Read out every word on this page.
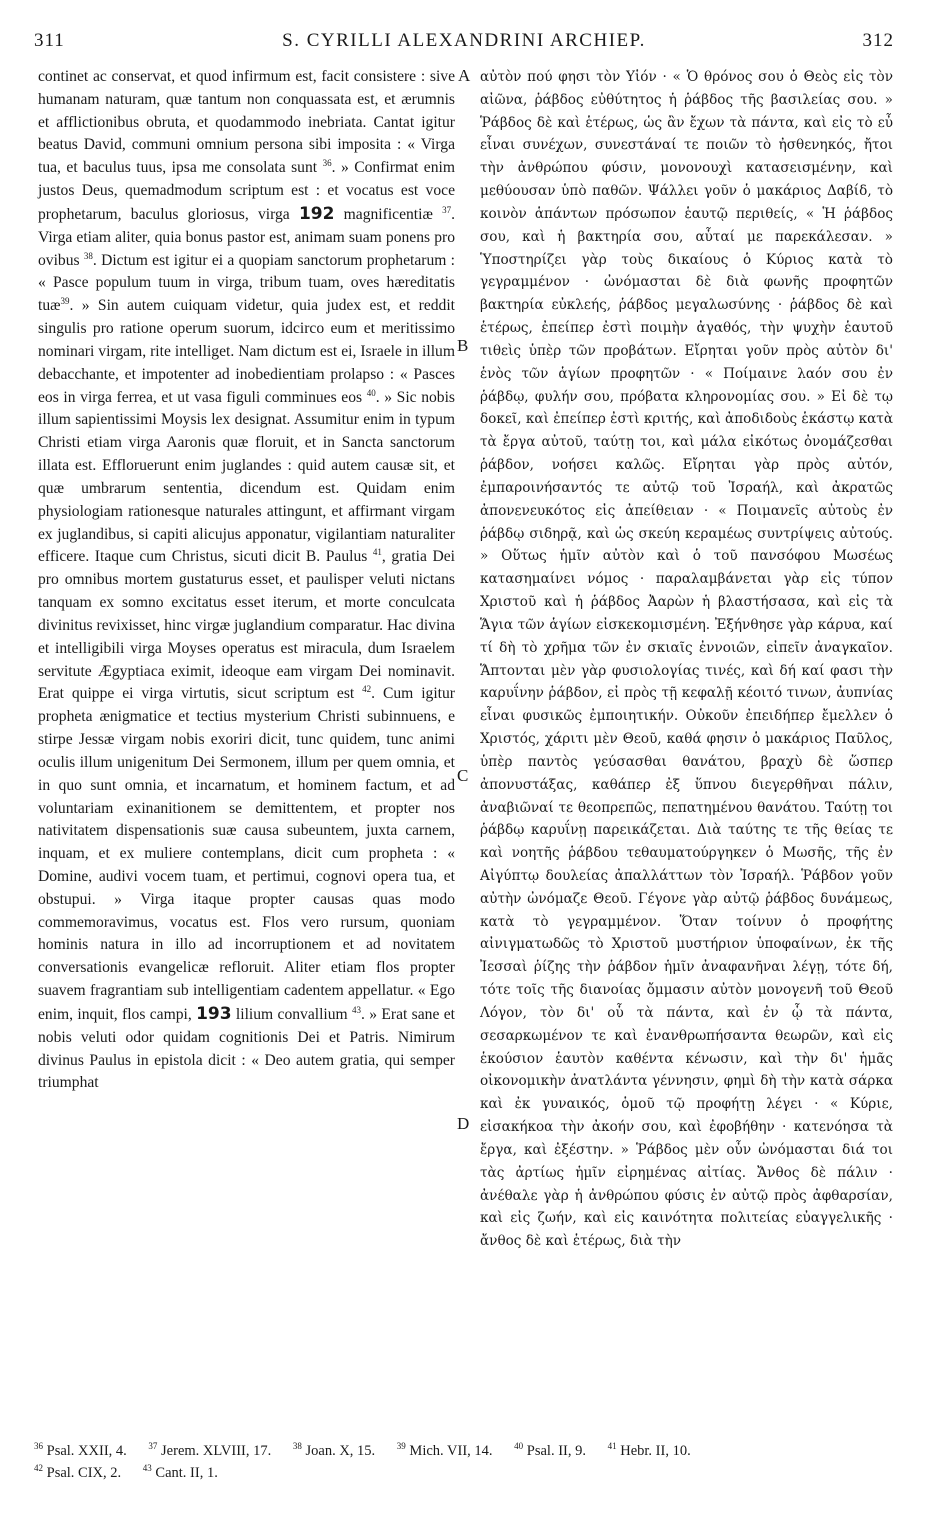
311	S. CYRILLI ALEXANDRINI ARCHIEP.	312

continet ac conservat, et quod infirmum est, facit consistere : sive humanam naturam, quæ tantum non conquassata est, et ærumnis et afflictionibus obruta, et quodammodo inebriata. Cantat igitur beatus David, communi omnium persona sibi imposita : « Virga tua, et baculus tuus, ipsa me consolata sunt $^{36}$. » Confirmat enim justos Deus, quemadmodum scriptum est : et vocatus est voce prophetarum, baculus gloriosus, virga 192 magnificentiæ $^{37}$. Virga etiam aliter, quia bonus pastor est, animam suam ponens pro ovibus $^{38}$. Dictum est igitur ei a quopiam sanctorum prophetarum : « Pasce populum tuum in virga, tribum tuam, oves hæreditatis tuæ$^{39}$. » Sin autem cuiquam videtur, quia judex est, et reddit singulis pro ratione operum suorum, idcirco eum et meritissimo nominari virgam, rite intelliget. Nam dictum est ei, Israele in illum debacchante, et impotenter ad inobedientiam prolapso : « Pasces eos in virga ferrea, et ut vasa figuli comminues eos $^{40}$. » Sic nobis illum sapientissimi Moysis lex designat. Assumitur enim in typum Christi etiam virga Aaronis quæ floruit, et in Sancta sanctorum illata est. Effloruerunt enim juglandes : quid autem causæ sit, et quæ umbrarum sententia, dicendum est. Quidam enim physiologiam rationesque naturales attingunt, et affirmant virgam ex juglandibus, si capiti alicujus apponatur, vigilantiam naturaliter efficere. Itaque cum Christus, sicuti dicit B. Paulus $^{41}$, gratia Dei pro omnibus mortem gustaturus esset, et paulisper veluti nictans tanquam ex somno excitatus esset iterum, et morte conculcata divinitus revixisset, hinc virgæ juglandium comparatur. Hac divina et intelligibili virga Moyses operatus est miracula, dum Israelem servitute Ægyptiaca eximit, ideoque eam virgam Dei nominavit. Erat quippe ei virga virtutis, sicut scriptum est $^{42}$. Cum igitur propheta ænigmatice et tectius mysterium Christi subinnuens, e stirpe Jessæ virgam nobis exoriri dicit, tunc quidem, tunc animi oculis illum unigenitum Dei Sermonem, illum per quem omnia, et in quo sunt omnia, et incarnatum, et hominem factum, et ad voluntariam exinanitionem se demittentem, et propter nos nativitatem dispensationis suæ causa subeuntem, juxta carnem, inquam, et ex muliere contemplans, dicit cum propheta : « Domine, audivi vocem tuam, et pertimui, cognovi opera tua, et obstupui. » Virga itaque propter causas quas modo commemoravimus, vocatus est. Flos vero rursum, quoniam hominis natura in illo ad incorruptionem et ad novitatem conversationis evangelicæ refloruit. Aliter etiam flos propter suavem fragrantiam sub intelligentiam cadentem appellatur. « Ego enim, inquit, flos campi, 193 lilium convallium $^{43}$. » Erat sane et nobis veluti odor quidam cognitionis Dei et Patris. Nimirum divinus Paulus in epistola dicit : « Deo autem gratia, qui semper triumphat

A
B
C
D

αὐτὸν πού φησι τὸν Υἱόν · « Ὁ θρόνος σου ὁ Θεὸς εἰς τὸν αἰῶνα, ῥάβδος εὐθύτητος ἡ ῥάβδος τῆς βασιλείας σου. » Ῥάβδος δὲ καὶ ἑτέρως, ὡς ἂν ἔχων τὰ πάντα, καὶ εἰς τὸ εὖ εἶναι συνέχων, συνεστάναί τε ποιῶν τὸ ἠσθενηκός, ἤτοι τὴν ἀνθρώπου φύσιν, μονονουχὶ κατασεισμένην, καὶ μεθύουσαν ὑπὸ παθῶν. Ψάλλει γοῦν ὁ μακάριος Δαβίδ, τὸ κοινὸν ἁπάντων πρόσωπον ἑαυτῷ περιθείς, « Ἡ ῥάβδος σου, καὶ ἡ βακτηρία σου, αὗταί με παρεκάλεσαν. » Ὑποστηρίζει γὰρ τοὺς δικαίους ὁ Κύριος κατὰ τὸ γεγραμμένον · ὠνόμασται δὲ διὰ φωνῆς προφητῶν βακτηρία εὐκλεής, ῥάβδος μεγαλωσύνης · ῥάβδος δὲ καὶ ἑτέρως, ἐπείπερ ἐστὶ ποιμὴν ἀγαθός, τὴν ψυχὴν ἑαυτοῦ τιθεὶς ὑπὲρ τῶν προβάτων. Εἴρηται γοῦν πρὸς αὐτὸν δι' ἑνὸς τῶν ἁγίων προφητῶν · « Ποίμαινε λαόν σου ἐν ῥάβδῳ, φυλήν σου, πρόβατα κληρονομίας σου. » Εἰ δὲ τῳ δοκεῖ, καὶ ἐπείπερ ἐστὶ κριτής, καὶ ἀποδιδοὺς ἑκάστῳ κατὰ τὰ ἔργα αὐτοῦ, ταύτῃ τοι, καὶ μάλα εἰκότως ὀνομάζεσθαι ῥάβδον, νοήσει καλῶς. Εἴρηται γὰρ πρὸς αὐτόν, ἐμπαροινήσαντός τε αὐτῷ τοῦ Ἰσραήλ, καὶ ἀκρατῶς ἀπονενευκότος εἰς ἀπείθειαν · « Ποιμανεῖς αὐτοὺς ἐν ῥάβδῳ σιδηρᾷ, καὶ ὡς σκεύη κεραμέως συντρίψεις αὐτούς. » Οὕτως ἡμῖν αὐτὸν καὶ ὁ τοῦ πανσόφου Μωσέως κατασημαίνει νόμος · παραλαμβάνεται γὰρ εἰς τύπον Χριστοῦ καὶ ἡ ῥάβδος Ἀαρὼν ἡ βλαστήσασα, καὶ εἰς τὰ Ἅγια τῶν ἁγίων εἰσκεκομισμένη. Ἐξήνθησε γὰρ κάρυα, καί τί δὴ τὸ χρῆμα τῶν ἐν σκιαῖς ἐννοιῶν, εἰπεῖν ἀναγκαῖον. Ἅπτονται μὲν γὰρ φυσιολογίας τινές, καὶ δή καί φασι τὴν καρυΐνην ῥάβδον, εἰ πρὸς τῇ κεφαλῇ κέοιτό τινων, ἀυπνίας εἶναι φυσικῶς ἐμποιητικήν. Οὐκοῦν ἐπειδήπερ ἔμελλεν ὁ Χριστός, χάριτι μὲν Θεοῦ, καθά φησιν ὁ μακάριος Παῦλος, ὑπὲρ παντὸς γεύσασθαι θανάτου, βραχὺ δὲ ὥσπερ ἀπονυστάξας, καθάπερ ἐξ ὕπνου διεγερθῆναι πάλιν, ἀναβιῶναί τε θεοπρεπῶς, πεπατημένου θανάτου. Ταύτῃ τοι ῥάβδῳ καρυΐνῃ παρεικάζεται. Διὰ ταύτης τε τῆς θείας τε καὶ νοητῆς ῥάβδου τεθαυματούργηκεν ὁ Μωσῆς, τῆς ἐν Αἰγύπτῳ δουλείας ἀπαλλάττων τὸν Ἰσραήλ. Ῥάβδον γοῦν αὐτὴν ὠνόμαζε Θεοῦ. Γέγονε γὰρ αὐτῷ ῥάβδος δυνάμεως, κατὰ τὸ γεγραμμένον. Ὅταν τοίνυν ὁ προφήτης αἰνιγματωδῶς τὸ Χριστοῦ μυστήριον ὑποφαίνων, ἐκ τῆς Ἰεσσαὶ ῥίζης τὴν ῥάβδον ἡμῖν ἀναφανῆναι λέγῃ, τότε δή, τότε τοῖς τῆς διανοίας ὄμμασιν αὐτὸν μονογενῆ τοῦ Θεοῦ Λόγον, τὸν δι' οὗ τὰ πάντα, καὶ ἐν ᾧ τὰ πάντα, σεσαρκωμένον τε καὶ ἐνανθρωπήσαντα θεωρῶν, καὶ εἰς ἑκούσιον ἑαυτὸν καθέντα κένωσιν, καὶ τὴν δι' ἡμᾶς οἰκονομικὴν ἀνατλάντα γέννησιν, φημὶ δὴ τὴν κατὰ σάρκα καὶ ἐκ γυναικός, ὁμοῦ τῷ προφήτῃ λέγει · « Κύριε, εἰσακήκοα τὴν ἀκοήν σου, καὶ ἐφοβήθην · κατενόησα τὰ ἔργα, καὶ ἐξέστην. » Ῥάβδος μὲν οὖν ὠνόμασται διά τοι τὰς ἀρτίως ἡμῖν εἰρημένας αἰτίας. Ἄνθος δὲ πάλιν · ἀνέθαλε γὰρ ἡ ἀνθρώπου φύσις ἐν αὐτῷ πρὸς ἀφθαρσίαν, καὶ εἰς ζωήν, καὶ εἰς καινότητα πολιτείας εὐαγγελικῆς · ἄνθος δὲ καὶ ἑτέρως, διὰ τὴν

$^{36}$ Psal. XXII, 4. $^{37}$ Jerem. XLVIII, 17. $^{38}$ Joan. X, 15. $^{39}$ Mich. VII, 14. $^{40}$ Psal. II, 9. $^{41}$ Hebr. II, 10.
$^{42}$ Psal. CIX, 2. $^{43}$ Cant. II, 1.
